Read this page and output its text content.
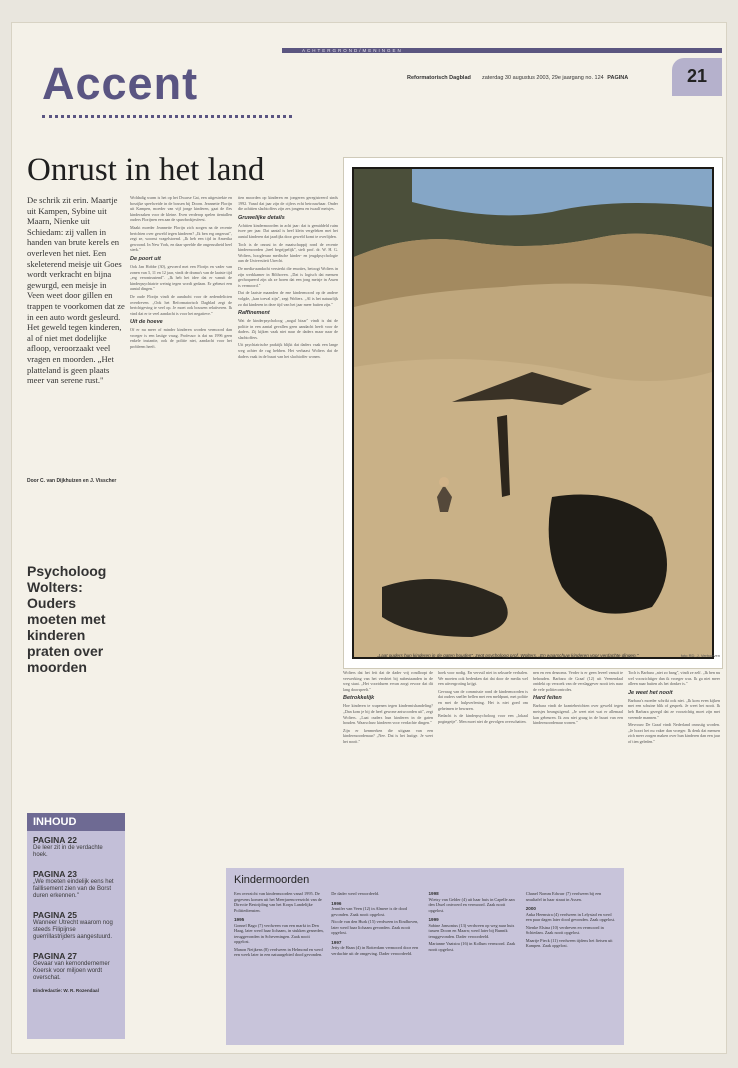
ACHTERGROND/MENINGEN
Accent	Reformatorisch Dagblad zaterdag 30 augustus 2003, 29e jaargang no. 124 PAGINA	21
Onrust in het land
De schrik zit erin. Maartje uit Kampen, Sybine uit Maarn, Nienke uit Schiedam: zij vallen in handen van brute kerels en overleven het niet. Een skeleterend meisje uit Goes wordt verkracht en bijna gewurgd, een meisje in Veen weet door gillen en trappen te voorkomen dat ze in een auto wordt gesleurd. Het geweld tegen kinderen, al of niet met dodelijke afloop, veroorzaakt veel vragen en moorden. „Het platteland is geen plaats meer van serene rust."
Door C. van Dijkhuizen en J. Visscher
Psycholoog Wolters: Ouders moeten met kinderen praten over moorden
INHOUD
PAGINA 22
De leer zit in de verdachte hoek.
PAGINA 23
„We moeten eindelijk eens het faillisement zien van de Borst duren erkennen."
PAGINA 25
Wanneer Utrecht waarom nog steeds Filipijnse guerrillastrijders aangestuurd.
PAGINA 27
Gevaar van kernondernemer Koersk voor miljoen wordt overschat.
Eindredactie: W. R. Rozendaal

Woldadig warm is het op het Dwarse Gat, een uitgestrekte en bosrijke speelweide in de bossen bij Doorn. Jeannette Florijn uit Kampen, moeder van vijf jonge kinderen, gaat de fles kinderzaken voor de kleine. Even verderop spelen tientallen ouders Florijnen een aan de spuwbrokjesfeest.

Maakt moeder Jeannette Florijn zich zorgen na de recente berichten over geweld tegen kinderen? „Ik ben erg ongerust", zegt ze, woonst vragelstoend. „Ik heb een tijd in Amerika gewoond. In New York, en daar speelde die ongerustheid heel sterk."

De poort uit

Ook Jan Hobbe (30), gevoerd met een Florijn en vader van zonen van 3, 11 en 12 jaar, vindt de drama's van de laatste tijd „erg verontrustend". „Ik heb het idee dat er vanuit de kinderpsychiatrie weinig tegen wordt gedaan. Er gebeurt een aantal dingen."

De oude Florijn vindt de aandacht voor de zedendelicten overdreven. „Ook het Reformatorisch Dagblad zegt de berichtgeving te veel op. Je moet ook bouwen relativeren. Ik vind dat er te veel aandacht is voor het negatieve."

Uit de hoeve

Of er nu meer of minder kinderen worden vermoord dan vroeger is een lastige vraag. Professor is dat na 1996 geen enkele instantie, ook de politie niet, aandacht voor het probleem heeft.

tien moorden op kinderen en jongeren geregistreerd sinds 1992. Vanaf dat jaar zijn de cijfers echt betrouwbaar. Onder die achttien slachtoffers zijn zes jongens en twaalf meisjes.

Gruwelijke details

Achttien kindermoorden in acht jaar: dat is gemiddeld ruim twee per jaar. Dat aantal is heel klein vergeleken met het aantal kinderen dat jaarlijks door geweld komt te overlijden.

Toch is de onrust in de maatschappij rond de recente kindermoorden „heel begrijpelijk", stelt prof. dr. W. H. G. Wolters, hoogleraar medische kinder- en jeugdpsychologie aan de Universiteit Utrecht.

De media-aandacht versterkt die emoties, betoogt Wolters in zijn werkkamer in Bilthoven. „Dat is logisch dat mensen gechoqueerd zijn als ze horen dat een jong meisje in Assen is vermoord."

Dat de laatste maanden de ene kindermoord op de andere volgde, „kan toeval zijn", zegt Wolters. „Al is het natuurlijk zo dat kinderen in deze tijd van het jaar meer buiten zijn."

Raffinement

Wat de kinderpsycholoog „nogal bizar" vindt is dat de politie in een aantal gevallen geen aandacht heeft voor de daders. Zij kijken vaak niet naar de daders maar naar de slachtoffers.

Uit psychiatrische praktijk blijkt dat daders vaak een lange weg achter de rug hebben. Het verbaast Wolters dat de daders vaak in de buurt van het slachtoffer wonen.

„Laat ouders hun kinderen in de gaten houden", zegt psycholoog prof. Wolters. „En waarschuw kinderen voor verdachte dingen."	foto RD, J. Verhoeven

Wolters dat het feit dat de dader vrij rondloopt de verwerking van het verdriet bij nabestaanden in de weg staat. „Het voortduren ervan zorgt ervoor dat dit lang doorspeelt."

Betrokkelijk

Hoe kinderen te wapenen tegen kindermishandeling? „Dan kom je bij de heel gewone antwoorden uit", zegt Wolters. „Laat ouders hun kinderen in de gaten houden. Waarschuw kinderen voor verdachte dingen."

Zijn er kenmerken die uitgaan van een kindermoordenaar? „Nee. Dat is het lastige. Je weet het nooit."

hoek voor nodig. En vervuil niet in seksuele verhalen. We moeten ook bedenken dat dat door de media wel een uitvergroting krijgt.

Gevraag van de commissie rond de kindermoorden is dat ouders sneller bellen met een meldpunt, met politie en met de hulpverlening. Het is niet goed om geheimen te bewaren.

Bedacht is de kinderpsycholoog voor een „lokaal pogingetje". Men moet niet de gevolgen overschatten.

nen en een desnoms. Verder is er geen leveel vanuit te behouden. Barbara de Graaf (12) uit Veenendaal ontdekt op verzoek van de verslaggever nooit iets naar de vele politiecontroles.

Hard feiten

Barbara vindt de kranteberichten over geweld tegen meisjes beangstigend. „Je weet niet wat er allemaal kan gebeuren. Ik zou niet graag in de buurt van een kindermoordenaar wonen."

Toch is Barbara „niet zo bang", vindt ze zelf. „Ik ben nu wel voorzichtiger dan ik vroeger was. Ik ga niet meer alleen naar buiten als het donker is."

Je weet het nooit

Barbara's moeder schrikt ook niet. „Ik kom even kijken met een schuine blik of gesprek. Je weet het nooit. Ik heb Barbara gezegd dat ze voorzichtig moet zijn met vreemde mannen."

Mevrouw De Graaf vindt Nederland onrustig worden. „Je hoort het nu vaker dan vroeger. Ik denk dat mensen zich meer zorgen maken over hun kinderen dan een jaar of tien geleden."

Kindermoorden

Een overzicht van kindermoorden vanaf 1995. De gegevens komen uit het Meerjarenoverzicht van de Directie Bestrijding van het Korps Landelijke Politiediensten.

1995

Gonnel Bago (7) verdween van een markt in Den Haag, later werd haar lichaam, in stukken gesneden, teruggevonden in Scheveningen. Zaak nooit opgelost.

Manon Neijkens (8) verdween in Helmond en werd een week later in een natuurgebied dood gevonden. De dader werd veroordeeld.

1996

Jennifer van Veen (12) in Almere is de dood gevonden. Zaak nooit opgelost.

Nicole van den Hurk (15) verdween in Eindhoven, later werd haar lichaam gevonden. Zaak nooit opgelost.

1997

Jetty de Haan (4) in Rotterdam vermoord door een verdachte uit de omgeving. Dader veroordeeld.

1998

Wietsy van Gelder (4) uit haar huis in Capelle aan den IJssel ontvoerd en vermoord. Zaak nooit opgelost.

1999

Sabine Jansonius (13) verdween op weg naar huis tussen Doorn en Maarn; werd later bij Bunnik teruggevonden. Dader veroordeeld.

Marianne Vaatstra (16) in Kollum vermoord. Zaak nooit opgelost.

Chanel Nomm Edwarr (7) verdween bij een smultafel in haar straat in Assen.

2000

Anka Heemstra (4) verdween in Lelystad en werd een paar dagen later dood gevonden. Zaak opgelost.

Nienke Elsina (10) verdreven en vermoord in Schiedam. Zaak nooit opgelost.

Maartje Pieck (11) verdween tijdens het fietsen uit Kampen. Zaak opgelost.
